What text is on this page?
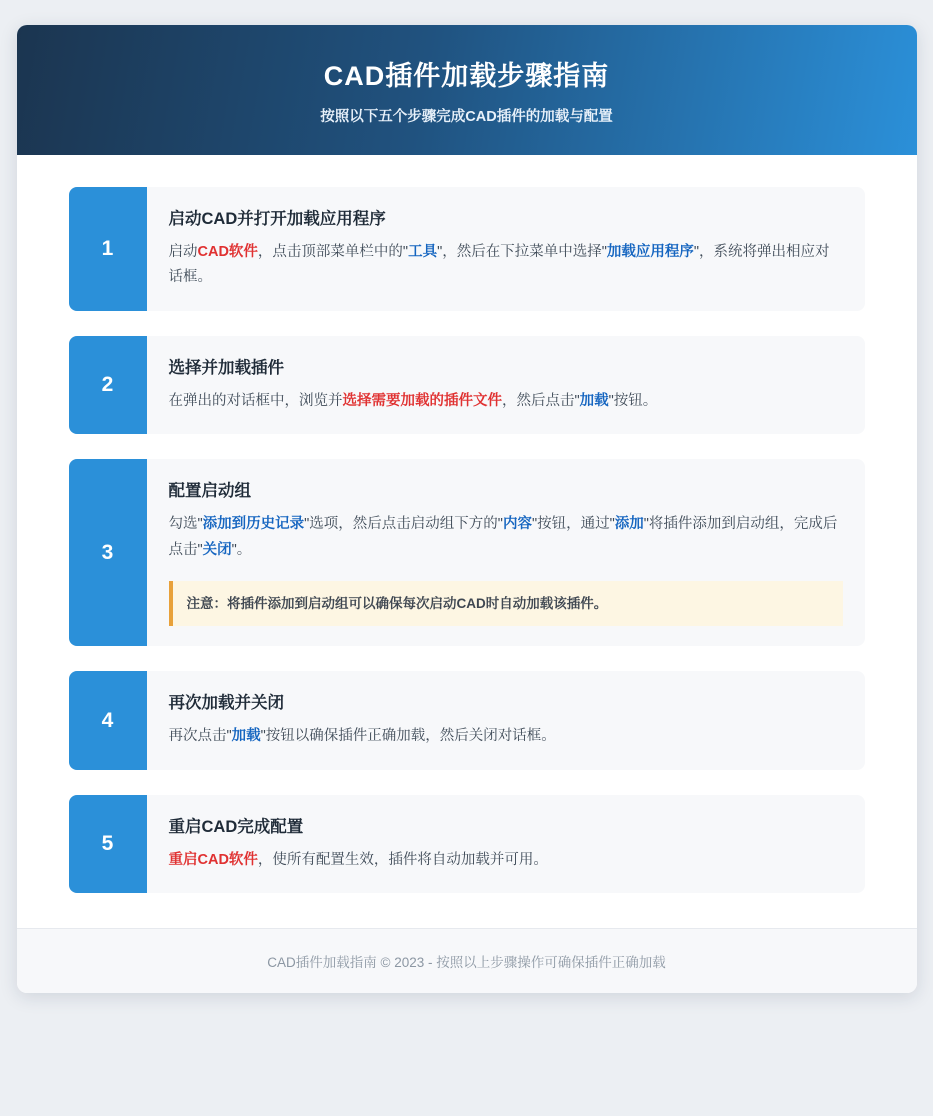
CAD插件加载步骤指南
按照以下五个步骤完成CAD插件的加载与配置
1
启动CAD并打开加载应用程序
启动CAD软件，点击顶部菜单栏中的"工具"，然后在下拉菜单中选择"加载应用程序"，系统将弹出相应对话框。
2
选择并加载插件
在弹出的对话框中，浏览并选择需要加载的插件文件，然后点击"加载"按钮。
3
配置启动组
勾选"添加到历史记录"选项，然后点击启动组下方的"内容"按钮，通过"添加"将插件添加到启动组，完成后点击"关闭"。
注意：将插件添加到启动组可以确保每次启动CAD时自动加载该插件。
4
再次加载并关闭
再次点击"加载"按钮以确保插件正确加载，然后关闭对话框。
5
重启CAD完成配置
重启CAD软件，使所有配置生效，插件将自动加载并可用。
CAD插件加载指南 © 2023 - 按照以上步骤操作可确保插件正确加载
